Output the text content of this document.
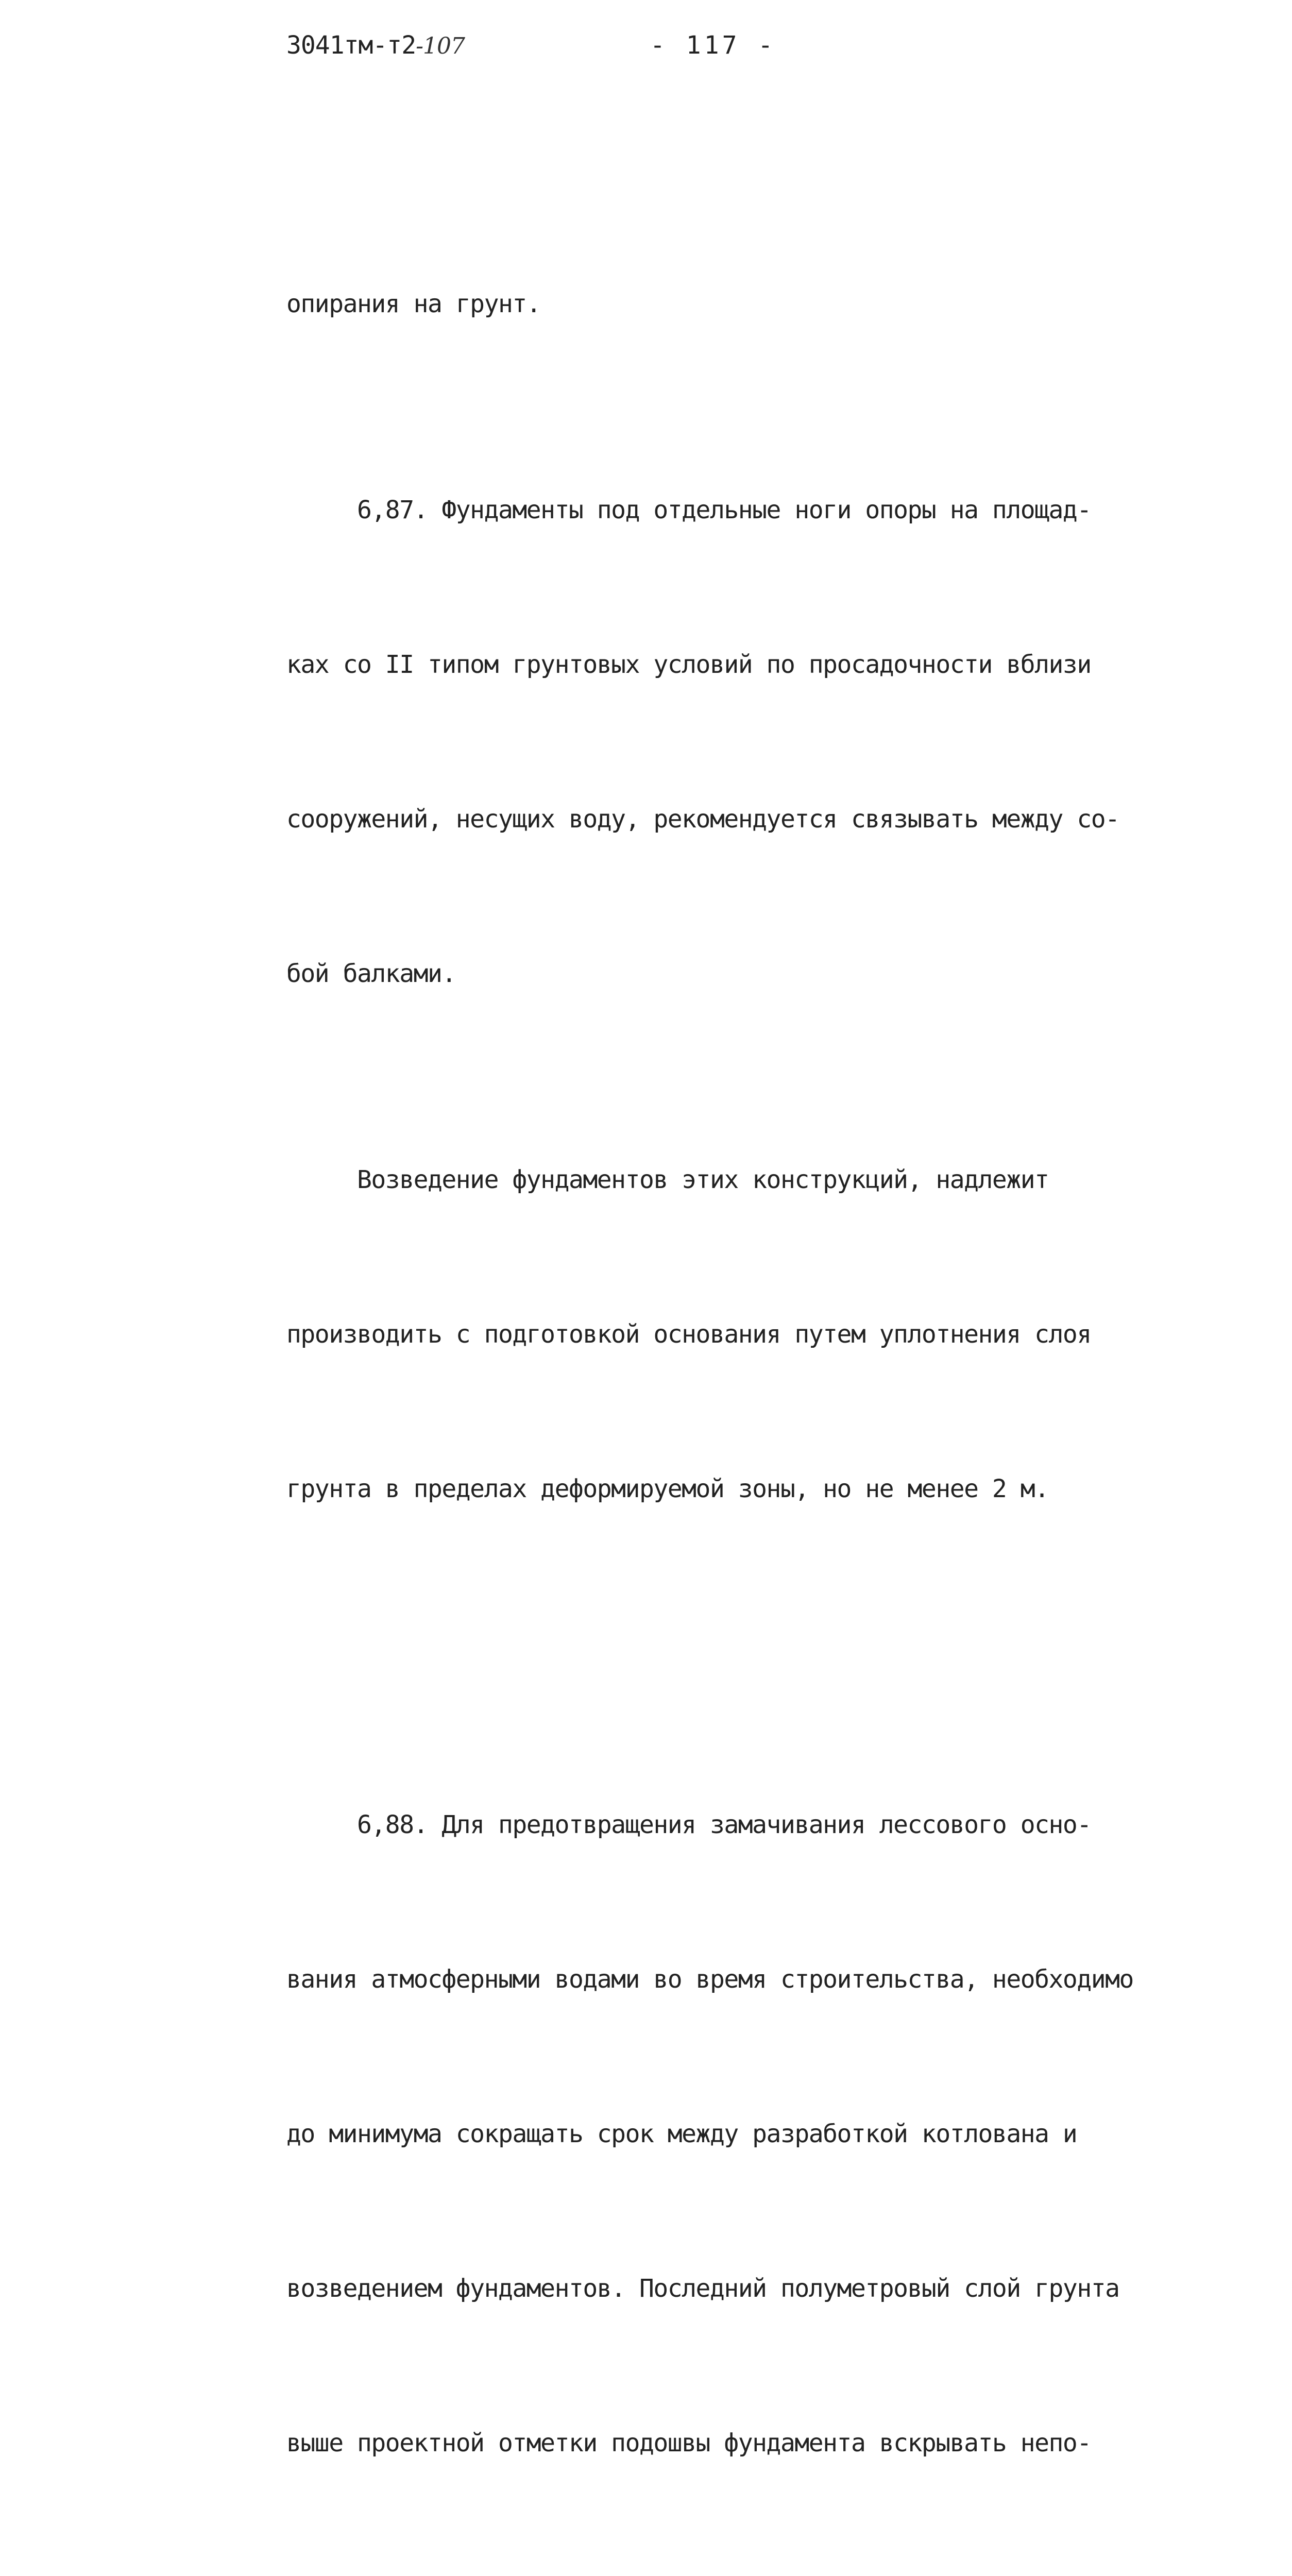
3041тм-т2-107	- 117 -

опирания на грунт.

6,87. Фундаменты под отдельные ноги опоры на площад-

ках со II типом грунтовых условий по просадочности вблизи

сооружений, несущих воду, рекомендуется связывать между со-

бой балками.

Возведение фундаментов этих конструкций, надлежит

производить с подготовкой основания путем уплотнения слоя

грунта в пределах деформируемой зоны, но не менее 2 м.

6,88. Для предотвращения замачивания лессового осно-

вания атмосферными водами во время строительства, необходимо

до минимума сокращать срок между разработкой котлована и

возведением фундаментов. Последний полуметровый слой грунта

выше проектной отметки подошвы фундамента вскрывать непо-
